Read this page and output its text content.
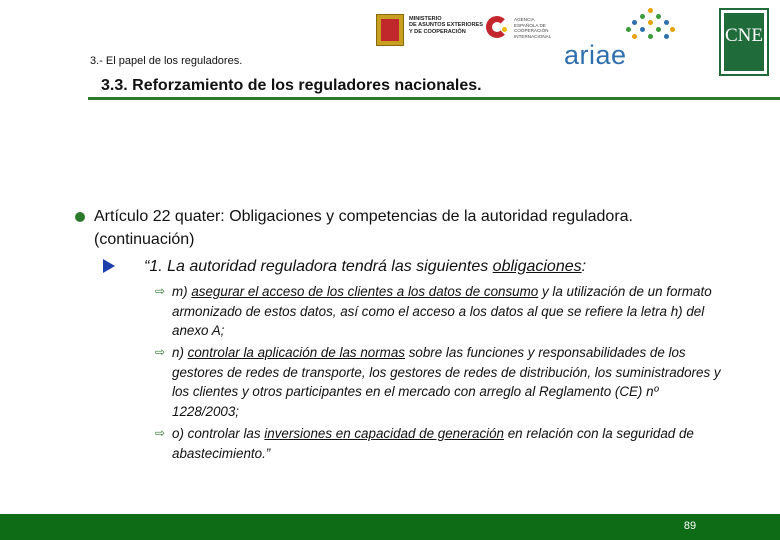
MINISTERIO
DE ASUNTOS EXTERIORES
Y DE COOPERACIÓN
AGENCIA
ESPAÑOLA DE
COOPERACIÓN
INTERNACIONAL
ariae
CNE
3.- El papel de los reguladores.
3.3. Reforzamiento de los reguladores nacionales.
Artículo 22 quater: Obligaciones y competencias de la autoridad reguladora.
(continuación)
“1. La autoridad reguladora tendrá las siguientes obligaciones:
⇨ m) asegurar el acceso de los clientes a los datos de consumo y la utilización de un formato armonizado de estos datos, así como el acceso a los datos al que se refiere la letra h) del anexo A;
⇨ n) controlar la aplicación de las normas sobre las funciones y responsabilidades de los gestores de redes de transporte, los gestores de redes de distribución, los suministradores y los clientes y otros participantes en el mercado con arreglo al Reglamento (CE) nº 1228/2003;
⇨ o) controlar las inversiones en capacidad de generación en relación con la seguridad de abastecimiento.”
89
